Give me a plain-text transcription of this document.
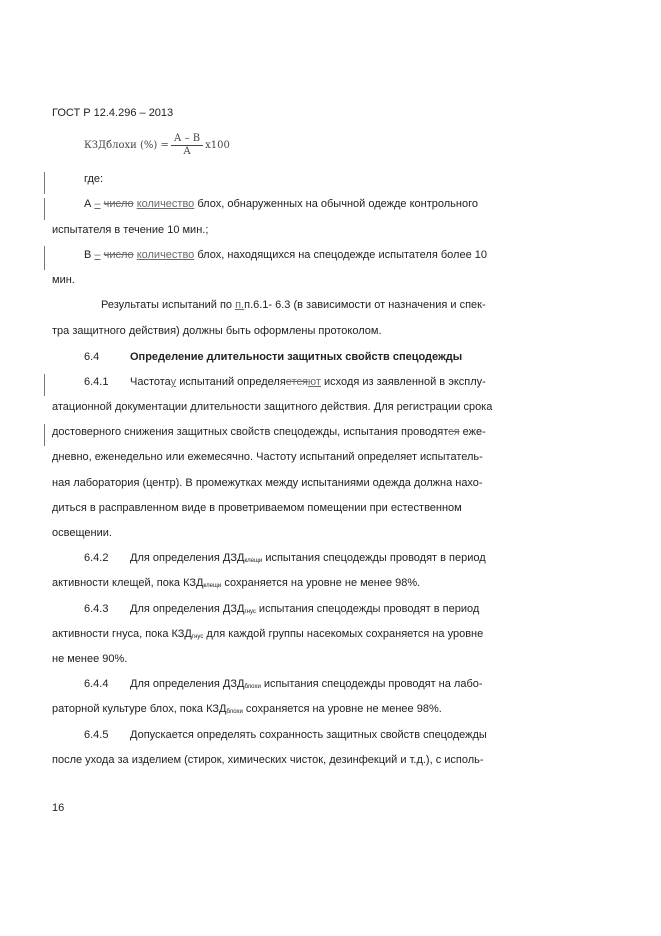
ГОСТ Р 12.4.296 – 2013
КЗДблохи (%) = $\frac{А - В}{А} х100$
где:
А – число количество блох, обнаруженных на обычной одежде контрольного
испытателя в течение 10 мин.;
В – число количество блох, находящихся на спецодежде испытателя более 10
мин.
Результаты испытаний по п.п.6.1- 6.3 (в зависимости от назначения и спек-
тра защитного действия) должны быть оформлены протоколом.
6.4	Определение длительности защитных свойств спецодежды
6.4.1 Частотау испытаний определяетсяют исходя из заявленной в эксплу-
атационной документации длительности защитного действия. Для регистрации срока
достоверного снижения защитных свойств спецодежды, испытания проводятся еже-
дневно, еженедельно или ежемесячно. Частоту испытаний определяет испытатель-
ная лаборатория (центр). В промежутках между испытаниями одежда должна нахо-
диться в расправленном виде в проветриваемом помещении при естественном
освещении.
6.4.2 Для определения $ДЗД_{клещи}$ испытания спецодежды проводят в период
активности клещей, пока $КЗД_{клещи}$ сохраняется на уровне не менее 98%.
6.4.3 Для определения $ДЗД_{гнус}$ испытания спецодежды проводят в период
активности гнуса, пока $КЗД_{гнус}$ для каждой группы насекомых сохраняется на уровне
не менее 90%.
6.4.4 Для определения $ДЗД_{блохи}$ испытания спецодежды проводят на лабо-
раторной культуре блох, пока $КЗД_{блохи}$ сохраняется на уровне не менее 98%.
6.4.5 Допускается определять сохранность защитных свойств спецодежды
после ухода за изделием (стирок, химических чисток, дезинфекций и т.д.), с исполь-
16
